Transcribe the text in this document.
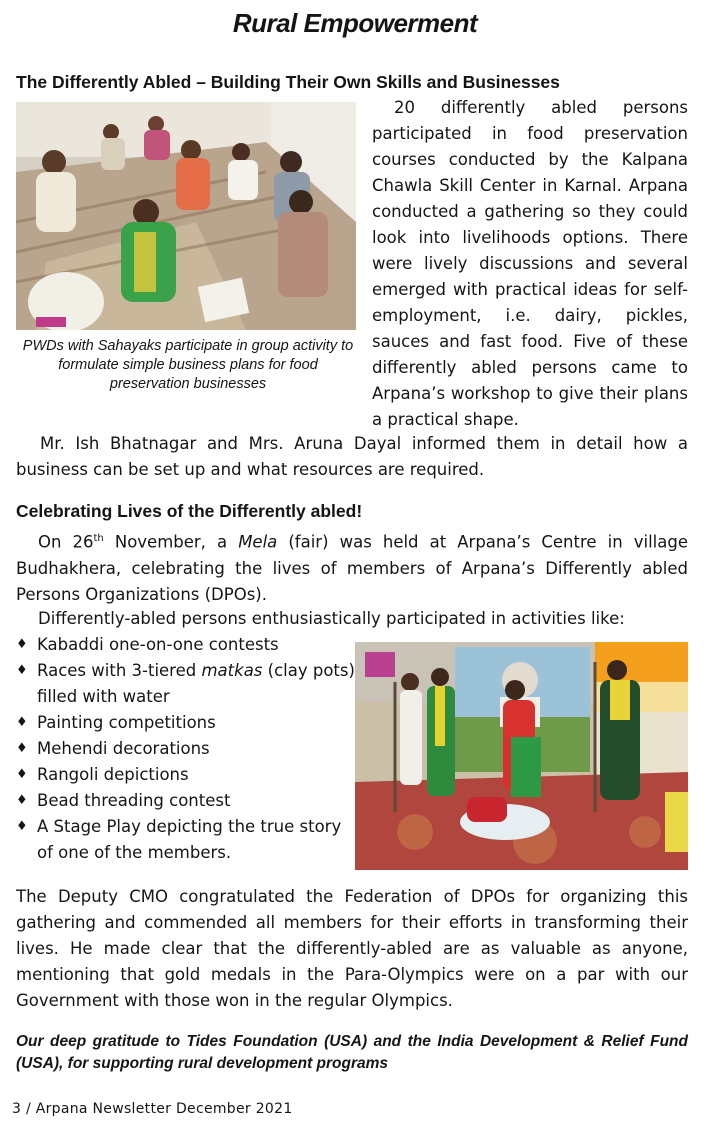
Rural Empowerment
The Differently Abled – Building Their Own Skills and Businesses
PWDs with Sahayaks participate in group activity to formulate simple business plans for food preservation businesses

20 differently abled persons participated in food preservation courses conducted by the Kalpana Chawla Skill Center in Karnal. Arpana conducted a gathering so they could look into livelihoods options. There were lively discussions and several emerged with practical ideas for self-employment, i.e. dairy, pickles, sauces and fast food. Five of these differently abled persons came to Arpana’s workshop to give their plans a practical shape.

Mr. Ish Bhatnagar and Mrs. Aruna Dayal informed them in detail how a business can be set up and what resources are required.

Celebrating Lives of the Differently abled!

On 26th November, a Mela (fair) was held at Arpana’s Centre in village Budhakhera, celebrating the lives of members of Arpana’s Differently abled Persons Organizations (DPOs).

Differently-abled persons enthusiastically participated in activities like:

♦ Kabaddi one-on-one contests
♦ Races with 3-tiered matkas (clay pots) filled with water
♦ Painting competitions
♦ Mehendi decorations
♦ Rangoli depictions
♦ Bead threading contest
♦ A Stage Play depicting the true story of one of the members.

The Deputy CMO congratulated the Federation of DPOs for organizing this gathering and commended all members for their efforts in transforming their lives. He made clear that the differently-abled are as valuable as anyone, mentioning that gold medals in the Para-Olympics were on a par with our Government with those won in the regular Olympics.

Our deep gratitude to Tides Foundation (USA) and the India Development & Relief Fund (USA), for supporting rural development programs

3 / Arpana Newsletter December 2021
